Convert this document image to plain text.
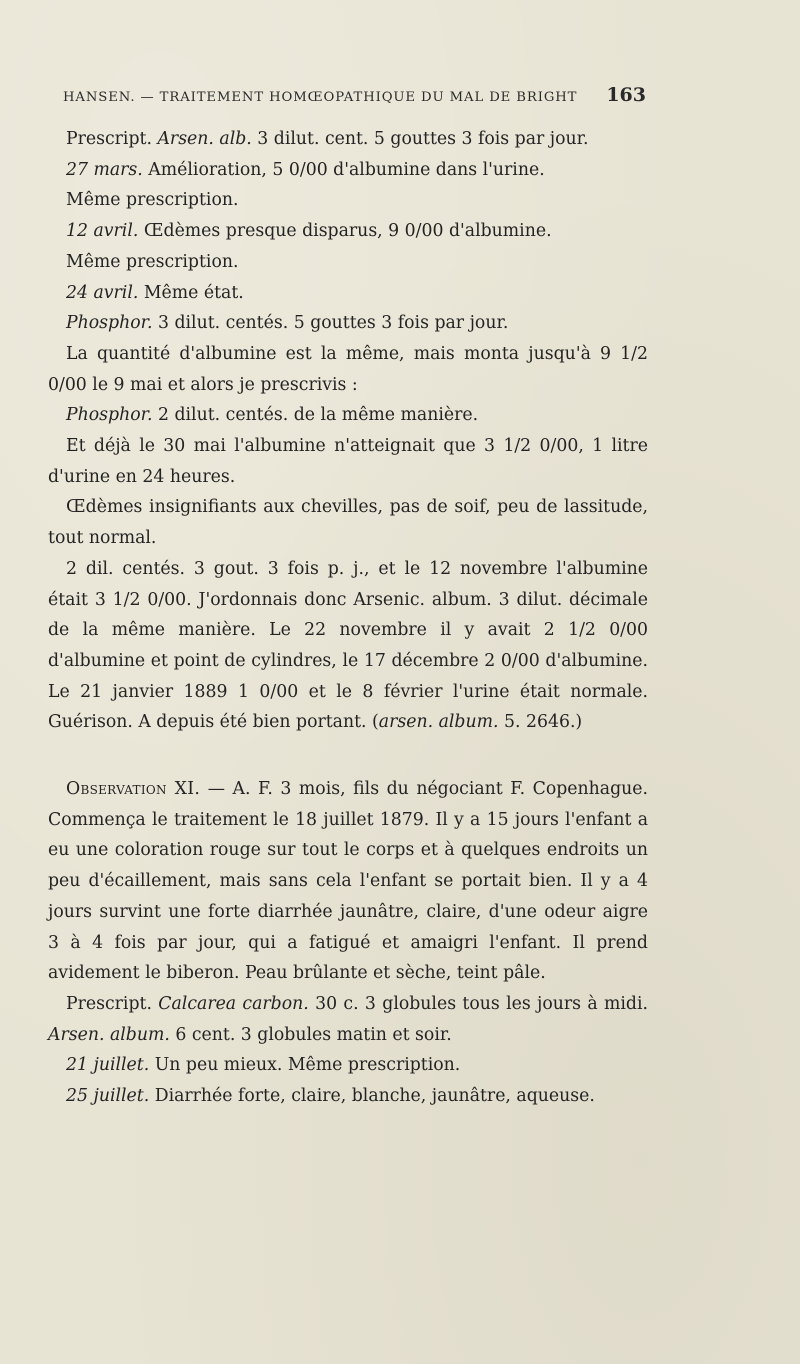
HANSEN. — TRAITEMENT HOMŒOPATHIQUE DU MAL DE BRIGHT 163

Prescript. Arsen. alb. 3 dilut. cent. 5 gouttes 3 fois par jour.

27 mars. Amélioration, 5 0/00 d'albumine dans l'urine.

Même prescription.

12 avril. Œdèmes presque disparus, 9 0/00 d'albumine.

Même prescription.

24 avril. Même état.

Phosphor. 3 dilut. centés. 5 gouttes 3 fois par jour.

La quantité d'albumine est la même, mais monta jusqu'à 9 1/2 0/00 le 9 mai et alors je prescrivis :

Phosphor. 2 dilut. centés. de la même manière.

Et déjà le 30 mai l'albumine n'atteignait que 3 1/2 0/00, 1 litre d'urine en 24 heures.

Œdèmes insignifiants aux chevilles, pas de soif, peu de lassitude, tout normal.

2 dil. centés. 3 gout. 3 fois p. j., et le 12 novembre l'albumine était 3 1/2 0/00. J'ordonnais donc Arsenic. album. 3 dilut. décimale de la même manière. Le 22 novembre il y avait 2 1/2 0/00 d'albumine et point de cylindres, le 17 décembre 2 0/00 d'albumine. Le 21 janvier 1889 1 0/00 et le 8 février l'urine était normale. Guérison. A depuis été bien portant. (arsen. album. 5. 2646.)

Observation XI. — A. F. 3 mois, fils du négociant F. Copenhague. Commença le traitement le 18 juillet 1879. Il y a 15 jours l'enfant a eu une coloration rouge sur tout le corps et à quelques endroits un peu d'écaillement, mais sans cela l'enfant se portait bien. Il y a 4 jours survint une forte diarrhée jaunâtre, claire, d'une odeur aigre 3 à 4 fois par jour, qui a fatigué et amaigri l'enfant. Il prend avidement le biberon. Peau brûlante et sèche, teint pâle.

Prescript. Calcarea carbon. 30 c. 3 globules tous les jours à midi. Arsen. album. 6 cent. 3 globules matin et soir.

21 juillet. Un peu mieux. Même prescription.

25 juillet. Diarrhée forte, claire, blanche, jaunâtre, aqueuse.
